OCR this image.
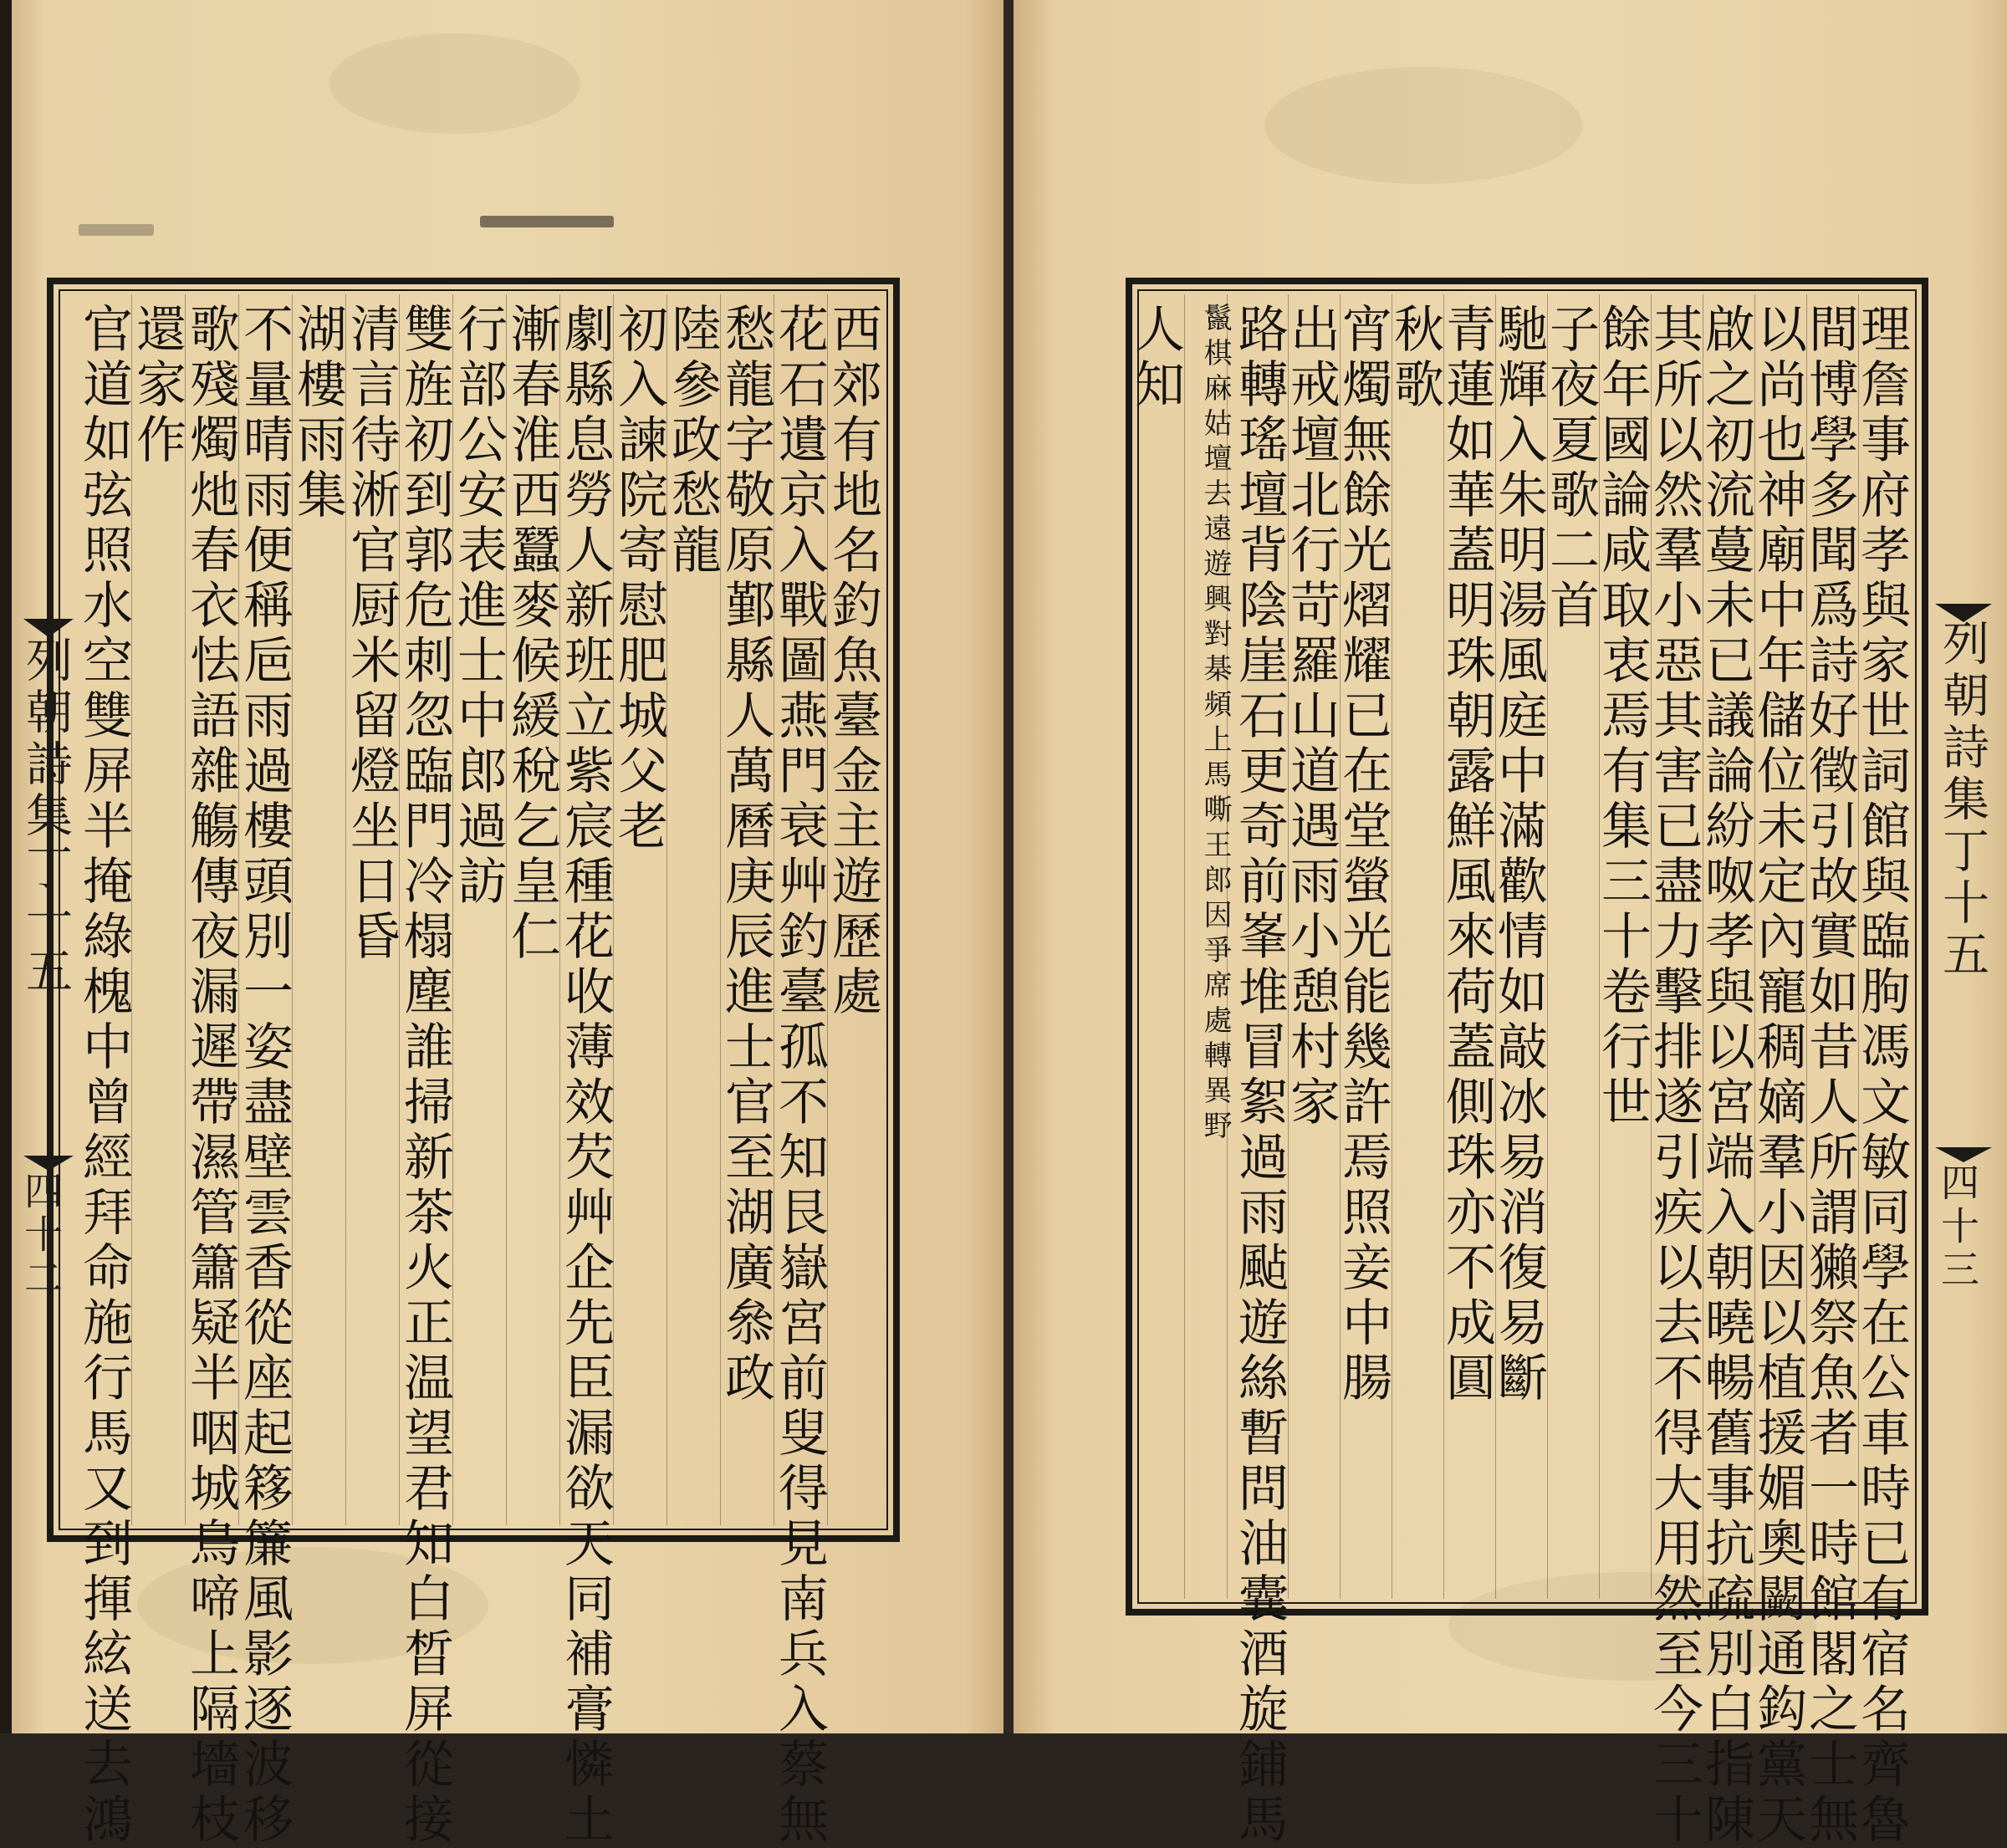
西郊有地名釣魚臺金主遊歷處
花石遺京入戰圖燕門衰艸釣臺孤不知艮嶽宮前叟得見南兵入蔡無
愁龍字敬原鄞縣人萬曆庚辰進士官至湖廣叅政
陸參政愁龍
初入諫院寄慰肥城父老
劇縣息勞人新班立紫宸種花收薄效芡艸企先臣漏欲天同補膏憐土
漸春淮西蠶麥候緩稅乞皇仁
行部公安表進士中郎過訪
雙旌初到郭危刺忽臨門冷榻塵誰掃新茶火正温望君知白晳屏從接
清言待淅官厨米留燈坐日昏
湖樓雨集
不量晴雨便稱巵雨過樓頭別一姿盡壁雲香從座起簃簾風影逐波移
歌殘燭灺春衣怯語雜觴傳夜漏遲帶濕管簫疑半咽城鳥啼上隔墻枝
還家作
官道如弦照水空雙屏半掩綠槐中曾經拜命施行馬又到揮絃送去鴻
列朝詩集丁十五
四十二	理詹事府孝與家世詞館與臨朐馮文敏同學在公車時已有宿名齊魯
間博學多聞爲詩好徵引故實如昔人所謂獺祭魚者一時館閣之士無
以尚也神廟中年儲位未定內寵稠嫡羣小因以植援媚奧闕通鈎黨天
啟之初流蔓未已議論紛呶孝與以宮端入朝曉暢舊事抗疏別白指陳
其所以然羣小惡其害已盡力擊排遂引疾以去不得大用然至今三十
餘年國論咸取衷焉有集三十卷行世
子夜夏歌二首
馳輝入朱明湯風庭中滿歡情如敲冰易消復易斷
青蓮如華蓋明珠朝露鮮風來荷蓋側珠亦不成圓
秋歌
宵燭無餘光熠耀已在堂螢光能幾許焉照妾中腸
出戒壇北行苛羅山道遇雨小憩村家
路轉瑤壇背陰崖石更奇前峯堆冒絮過雨颭遊絲暫問油囊酒旋鋪馬
鬣棋麻姑壇去遠遊興對棊頻上馬嘶王郎因爭席處轉異野
人知
列朝詩集丁十五
四十三
